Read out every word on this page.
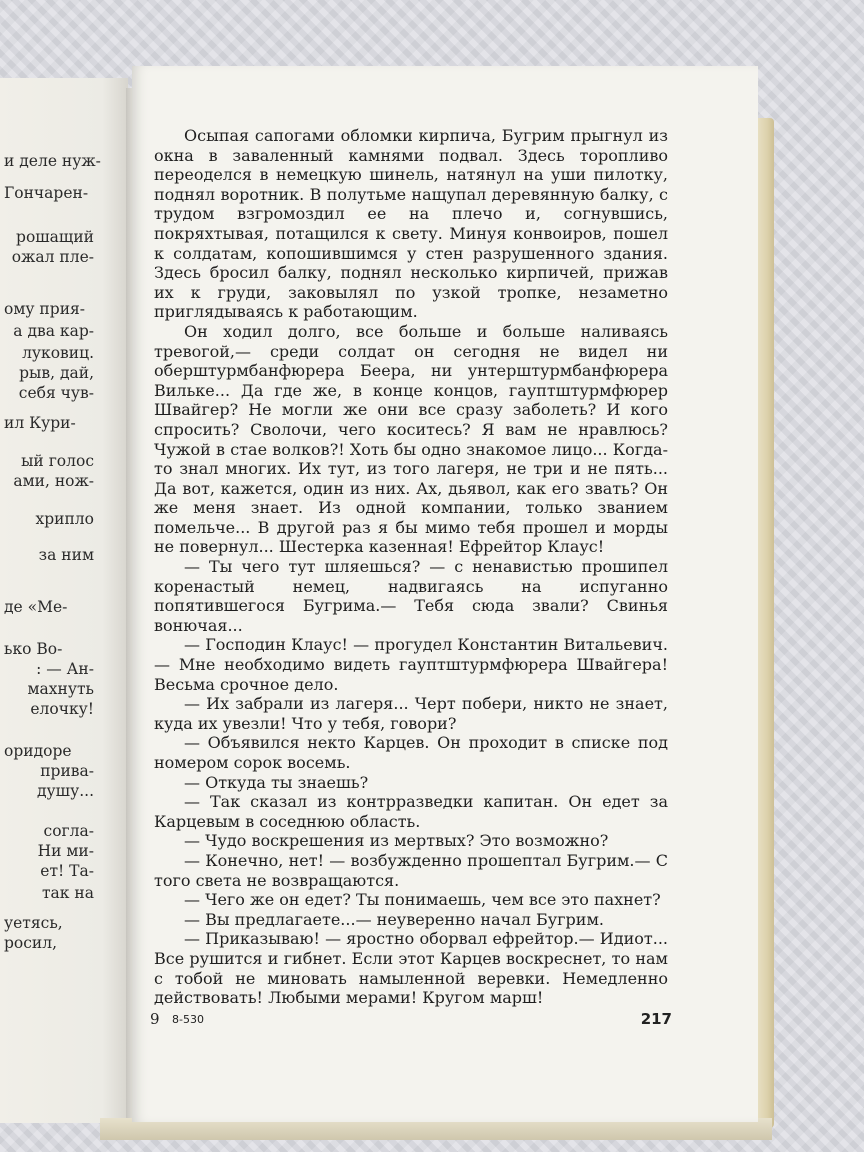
и деле нуж-
Гончарен-
рошащий
ожал пле-
ому прия-
а два кар-
луковиц.
рыв, дай,
себя чув-
ил Кури-
ый голос
ами, нож-
хрипло
за ним
де «Ме-
ько Во-
: — Ан-
махнуть
елочку!
оридоре
прива-
душу...
согла-
Ни ми-
ет! Та-
так на
уетясь,
росил,

Осыпая сапогами обломки кирпича, Бугрим прыгнул из окна в заваленный камнями подвал. Здесь торопливо переоделся в немецкую шинель, натянул на уши пилотку, поднял воротник. В полутьме нащупал деревянную балку, с трудом взгромоздил ее на плечо и, согнувшись, покряхтывая, потащился к свету. Минуя конвоиров, пошел к солдатам, копошившимся у стен разрушенного здания. Здесь бросил балку, поднял несколько кирпичей, прижав их к груди, заковылял по узкой тропке, незаметно приглядываясь к работающим.

Он ходил долго, все больше и больше наливаясь тревогой,— среди солдат он сегодня не видел ни оберштурмбанфюрера Беера, ни унтерштурмбанфюрера Вильке... Да где же, в конце концов, гауптштурмфюрер Швайгер? Не могли же они все сразу заболеть? И кого спросить? Сволочи, чего коситесь? Я вам не нравлюсь? Чужой в стае волков?! Хоть бы одно знакомое лицо... Когда-то знал многих. Их тут, из того лагеря, не три и не пять... Да вот, кажется, один из них. Ах, дьявол, как его звать? Он же меня знает. Из одной компании, только званием помельче... В другой раз я бы мимо тебя прошел и морды не повернул... Шестерка казенная! Ефрейтор Клаус!

— Ты чего тут шляешься? — с ненавистью прошипел коренастый немец, надвигаясь на испуганно попятившегося Бугрима.— Тебя сюда звали? Свинья вонючая...

— Господин Клаус! — прогудел Константин Витальевич.— Мне необходимо видеть гауптштурмфюрера Швайгера! Весьма срочное дело.

— Их забрали из лагеря... Черт побери, никто не знает, куда их увезли! Что у тебя, говори?

— Объявился некто Карцев. Он проходит в списке под номером сорок восемь.

— Откуда ты знаешь?

— Так сказал из контрразведки капитан. Он едет за Карцевым в соседнюю область.

— Чудо воскрешения из мертвых? Это возможно?

— Конечно, нет! — возбужденно прошептал Бугрим.— С того света не возвращаются.

— Чего же он едет? Ты понимаешь, чем все это пахнет?

— Вы предлагаете...— неуверенно начал Бугрим.

— Приказываю! — яростно оборвал ефрейтор.— Идиот... Все рушится и гибнет. Если этот Карцев воскреснет, то нам с тобой не миновать намыленной веревки. Немедленно действовать! Любыми мерами! Кругом марш!

9 8-530	217
